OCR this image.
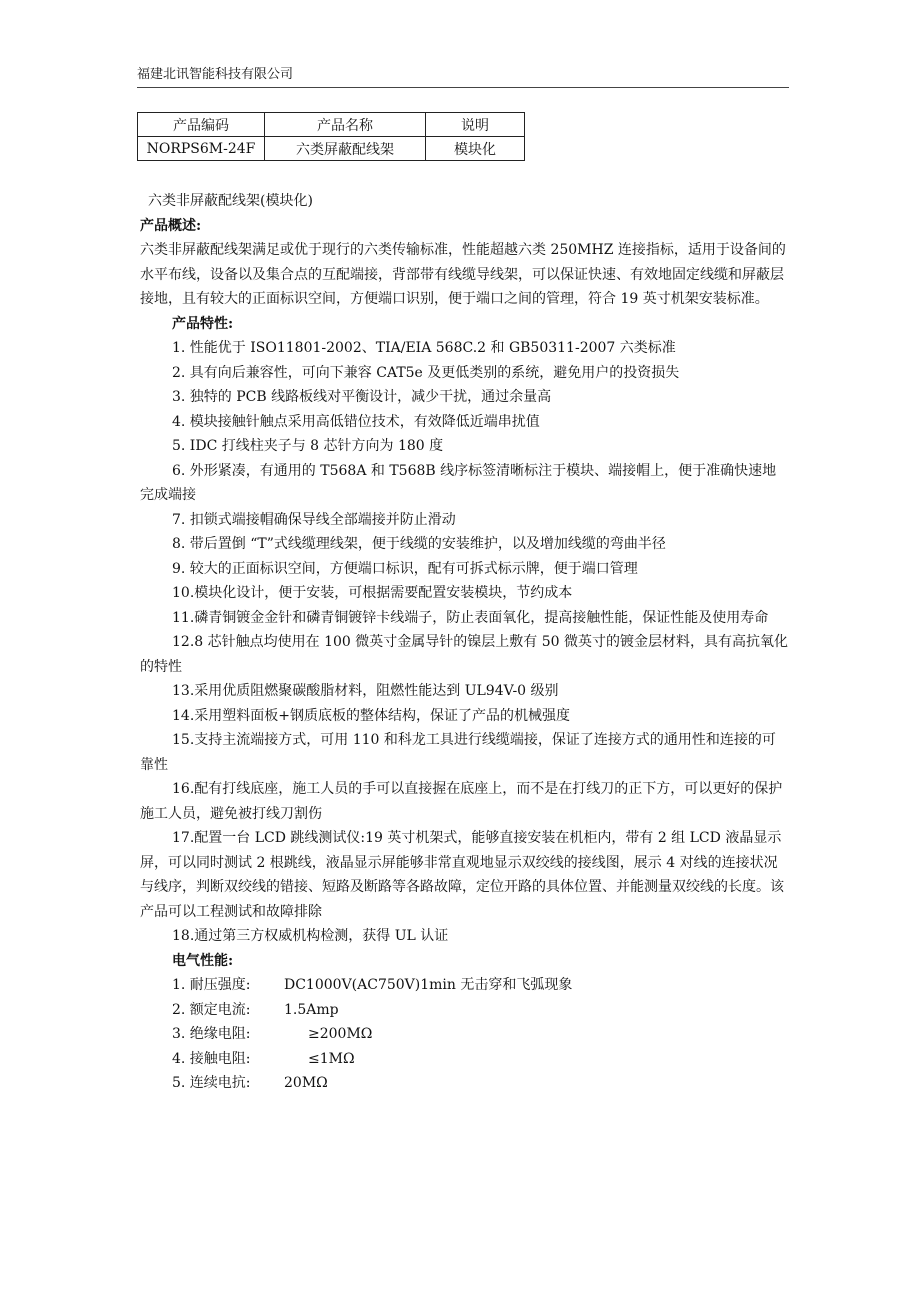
福建北讯智能科技有限公司
产品编码	产品名称	说明
NORPS6M-24F	六类屏蔽配线架	模块化

六类非屏蔽配线架(模块化)

产品概述:

六类非屏蔽配线架满足或优于现行的六类传输标准，性能超越六类 250MHZ 连接指标，适用于设备间的水平布线，设备以及集合点的互配端接，背部带有线缆导线架，可以保证快速、有效地固定线缆和屏蔽层接地，且有较大的正面标识空间，方便端口识别，便于端口之间的管理，符合 19 英寸机架安装标准。

产品特性:

1. 性能优于 ISO11801-2002、TIA/EIA 568C.2 和 GB50311-2007 六类标准

2. 具有向后兼容性，可向下兼容 CAT5e 及更低类别的系统，避免用户的投资损失

3. 独特的 PCB 线路板线对平衡设计，减少干扰，通过余量高

4. 模块接触针触点采用高低错位技术，有效降低近端串扰值

5. IDC 打线柱夹子与 8 芯针方向为 180 度

6. 外形紧凑，有通用的 T568A 和 T568B 线序标签清晰标注于模块、端接帽上，便于准确快速地完成端接

7. 扣锁式端接帽确保导线全部端接并防止滑动

8. 带后置倒 “T”式线缆理线架，便于线缆的安装维护，以及增加线缆的弯曲半径

9. 较大的正面标识空间，方便端口标识，配有可拆式标示牌，便于端口管理

10.模块化设计，便于安装，可根据需要配置安装模块，节约成本

11.磷青铜镀金金针和磷青铜镀锌卡线端子，防止表面氧化，提高接触性能，保证性能及使用寿命

12.8 芯针触点均使用在 100 微英寸金属导针的镍层上敷有 50 微英寸的镀金层材料，具有高抗氧化的特性

13.采用优质阻燃聚碳酸脂材料，阻燃性能达到 UL94V-0 级别

14.采用塑料面板+钢质底板的整体结构，保证了产品的机械强度

15.支持主流端接方式，可用 110 和科龙工具进行线缆端接，保证了连接方式的通用性和连接的可靠性

16.配有打线底座，施工人员的手可以直接握在底座上，而不是在打线刀的正下方，可以更好的保护施工人员，避免被打线刀割伤

17.配置一台 LCD 跳线测试仪:19 英寸机架式，能够直接安装在机柜内，带有 2 组 LCD 液晶显示屏，可以同时测试 2 根跳线，液晶显示屏能够非常直观地显示双绞线的接线图，展示 4 对线的连接状况与线序，判断双绞线的错接、短路及断路等各路故障，定位开路的具体位置、并能测量双绞线的长度。该产品可以工程测试和故障排除

18.通过第三方权威机构检测，获得 UL 认证

电气性能:

1. 耐压强度: DC1000V(AC750V)1min 无击穿和飞弧现象

2. 额定电流: 1.5Amp

3. 绝缘电阻:	≥200MΩ

4. 接触电阻:	≤1MΩ

5. 连续电抗: 20MΩ
